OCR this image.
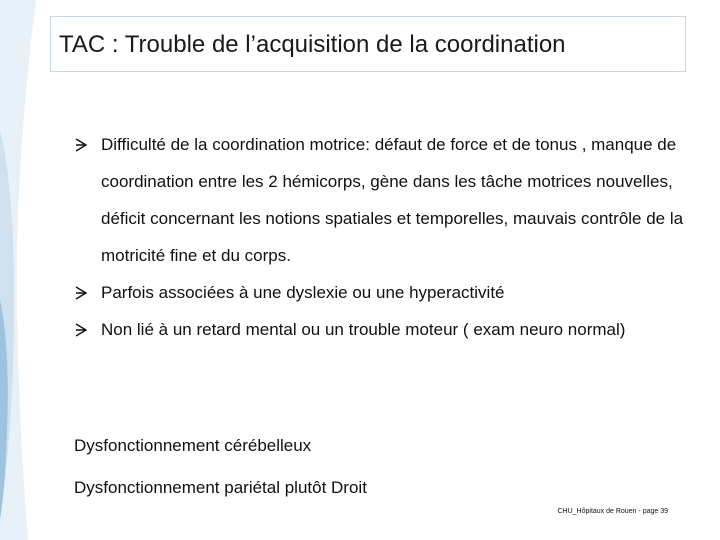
TAC : Trouble de l’acquisition de la coordination
Difficulté de la coordination motrice: défaut de force et de tonus , manque de coordination entre les 2 hémicorps, gène dans les tâche motrices nouvelles, déficit concernant les notions spatiales et temporelles, mauvais contrôle de la motricité fine et du corps.
Parfois associées à une dyslexie ou une hyperactivité
Non lié à un retard mental ou un trouble moteur ( exam neuro normal)
Dysfonctionnement cérébelleux
Dysfonctionnement pariétal plutôt Droit
CHU_Hôpitaux de Rouen - page 39
